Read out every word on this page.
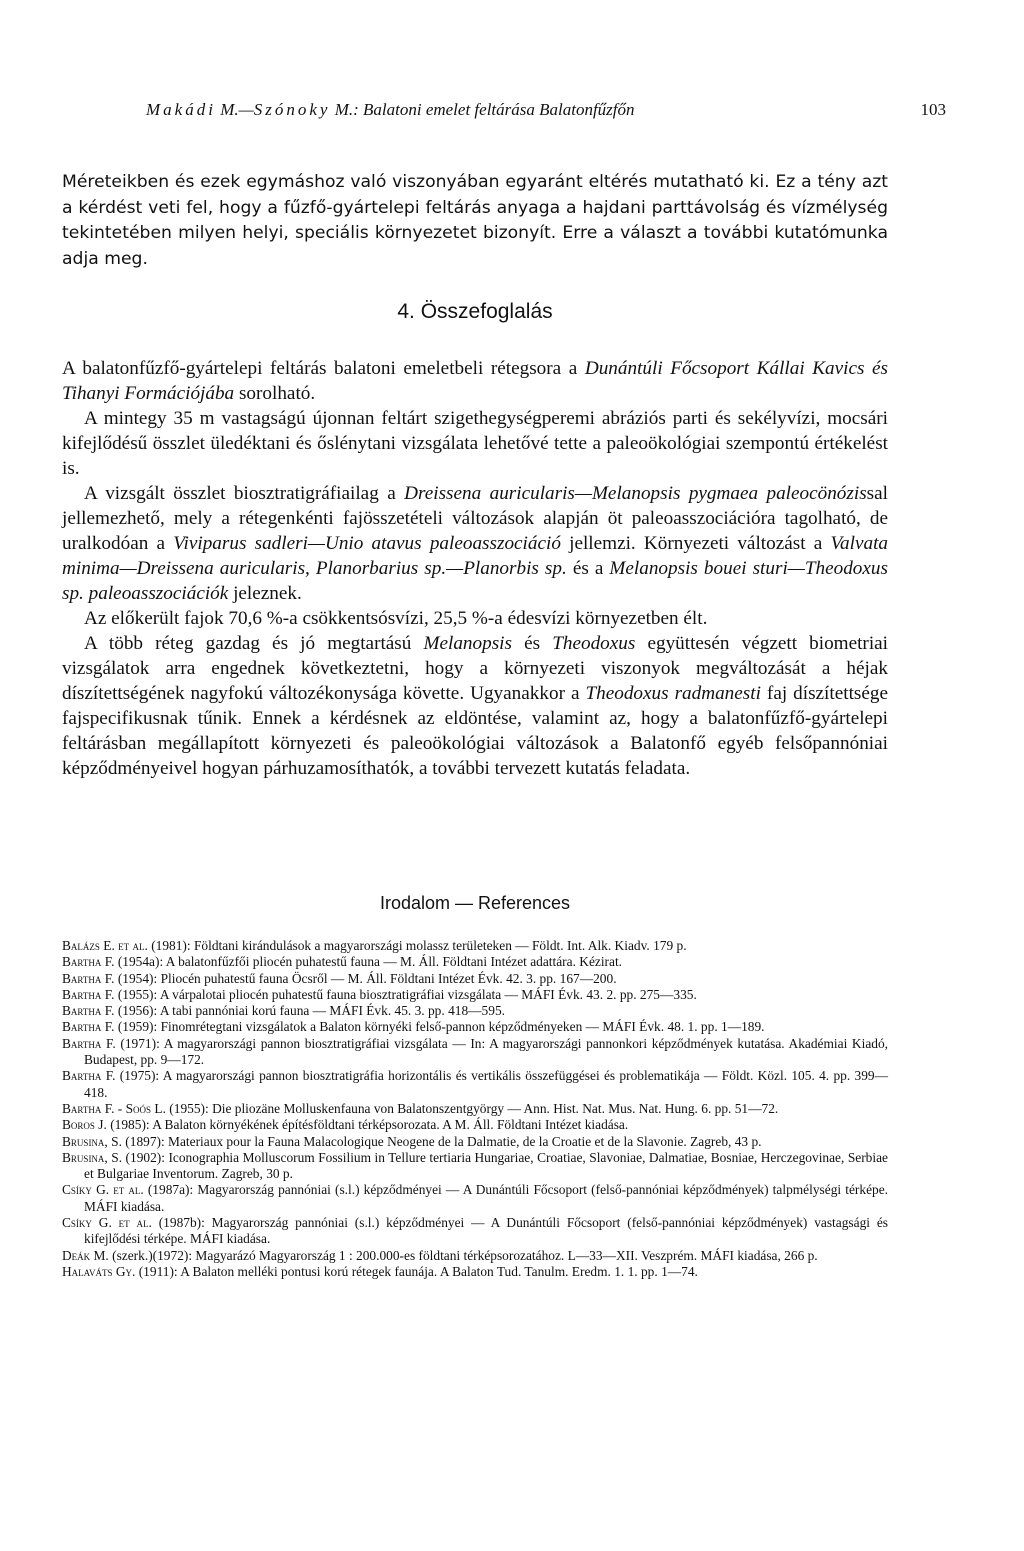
Makádi M.—Szónoky M.: Balatoni emelet feltárása Balatonfűzfőn	103

Méreteikben és ezek egymáshoz való viszonyában egyaránt eltérés mutatható ki. Ez a tény azt a kérdést veti fel, hogy a fűzfő-gyártelepi feltárás anyaga a hajdani parttávolság és vízmélység tekintetében milyen helyi, speciális környezetet bizonyít. Erre a választ a további kutatómunka adja meg.

4. Összefoglalás

A balatonfűzfő-gyártelepi feltárás balatoni emeletbeli rétegsora a Dunántúli Főcsoport Kállai Kavics és Tihanyi Formációjába sorolható.

A mintegy 35 m vastagságú újonnan feltárt szigethegységperemi abráziós parti és sekélyvízi, mocsári kifejlődésű összlet üledéktani és őslénytani vizsgálata lehetővé tette a paleoökológiai szempontú értékelést is.

A vizsgált összlet biosztratigráfiailag a Dreissena auricularis—Melanopsis pygmaea paleocönózissal jellemezhető, mely a rétegenkénti fajösszetételi változások alapján öt paleoasszociációra tagolható, de uralkodóan a Viviparus sadleri—Unio atavus paleoasszociáció jellemzi. Környezeti változást a Valvata minima—Dreissena auricularis, Planorbarius sp.—Planorbis sp. és a Melanopsis bouei sturi—Theodoxus sp. paleoasszociációk jeleznek.

Az előkerült fajok 70,6 %-a csökkentsósvízi, 25,5 %-a édesvízi környezetben élt.

A több réteg gazdag és jó megtartású Melanopsis és Theodoxus együttesén végzett biometriai vizsgálatok arra engednek következtetni, hogy a környezeti viszonyok megváltozását a héjak díszítettségének nagyfokú változékonysága követte. Ugyanakkor a Theodoxus radmanesti faj díszítettsége fajspecifikusnak tűnik. Ennek a kérdésnek az eldöntése, valamint az, hogy a balatonfűzfő-gyártelepi feltárásban megállapított környezeti és paleoökológiai változások a Balatonfő egyéb felsőpannóniai képződményeivel hogyan párhuzamosíthatók, a további tervezett kutatás feladata.

Irodalom — References

Balázs E. et al. (1981): Földtani kirándulások a magyarországi molassz területeken — Földt. Int. Alk. Kiadv. 179 p.

Bartha F. (1954a): A balatonfűzfői pliocén puhatestű fauna — M. Áll. Földtani Intézet adattára. Kézirat.

Bartha F. (1954): Pliocén puhatestű fauna Öcsről — M. Áll. Földtani Intézet Évk. 42. 3. pp. 167—200.

Bartha F. (1955): A várpalotai pliocén puhatestű fauna biosztratigráfiai vizsgálata — MÁFI Évk. 43. 2. pp. 275—335.

Bartha F. (1956): A tabi pannóniai korú fauna — MÁFI Évk. 45. 3. pp. 418—595.

Bartha F. (1959): Finomrétegtani vizsgálatok a Balaton környéki felső-pannon képződményeken — MÁFI Évk. 48. 1. pp. 1—189.

Bartha F. (1971): A magyarországi pannon biosztratigráfiai vizsgálata — In: A magyarországi pannonkori képződmények kutatása. Akadémiai Kiadó, Budapest, pp. 9—172.

Bartha F. (1975): A magyarországi pannon biosztratigráfia horizontális és vertikális összefüggései és problematikája — Földt. Közl. 105. 4. pp. 399—418.

Bartha F. - Soós L. (1955): Die pliozäne Molluskenfauna von Balatonszentgyörgy — Ann. Hist. Nat. Mus. Nat. Hung. 6. pp. 51—72.

Boros J. (1985): A Balaton környékének építésföldtani térképsorozata. A M. Áll. Földtani Intézet kiadása.

Brusina, S. (1897): Materiaux pour la Fauna Malacologique Neogene de la Dalmatie, de la Croatie et de la Slavonie. Zagreb, 43 p.

Brusina, S. (1902): Iconographia Molluscorum Fossilium in Tellure tertiaria Hungariae, Croatiae, Slavoniae, Dalmatiae, Bosniae, Herczegovinae, Serbiae et Bulgariae Inventorum. Zagreb, 30 p.

Csíky G. et al. (1987a): Magyarország pannóniai (s.l.) képződményei — A Dunántúli Főcsoport (felső-pannóniai képződmények) talpmélységi térképe. MÁFI kiadása.

Csíky G. et al. (1987b): Magyarország pannóniai (s.l.) képződményei — A Dunántúli Főcsoport (felső-pannóniai képződmények) vastagsági és kifejlődési térképe. MÁFI kiadása.

Deák M. (szerk.)(1972): Magyarázó Magyarország 1 : 200.000-es földtani térképsorozatához. L—33—XII. Veszprém. MÁFI kiadása, 266 p.

Halaváts Gy. (1911): A Balaton melléki pontusi korú rétegek faunája. A Balaton Tud. Tanulm. Eredm. 1. 1. pp. 1—74.
